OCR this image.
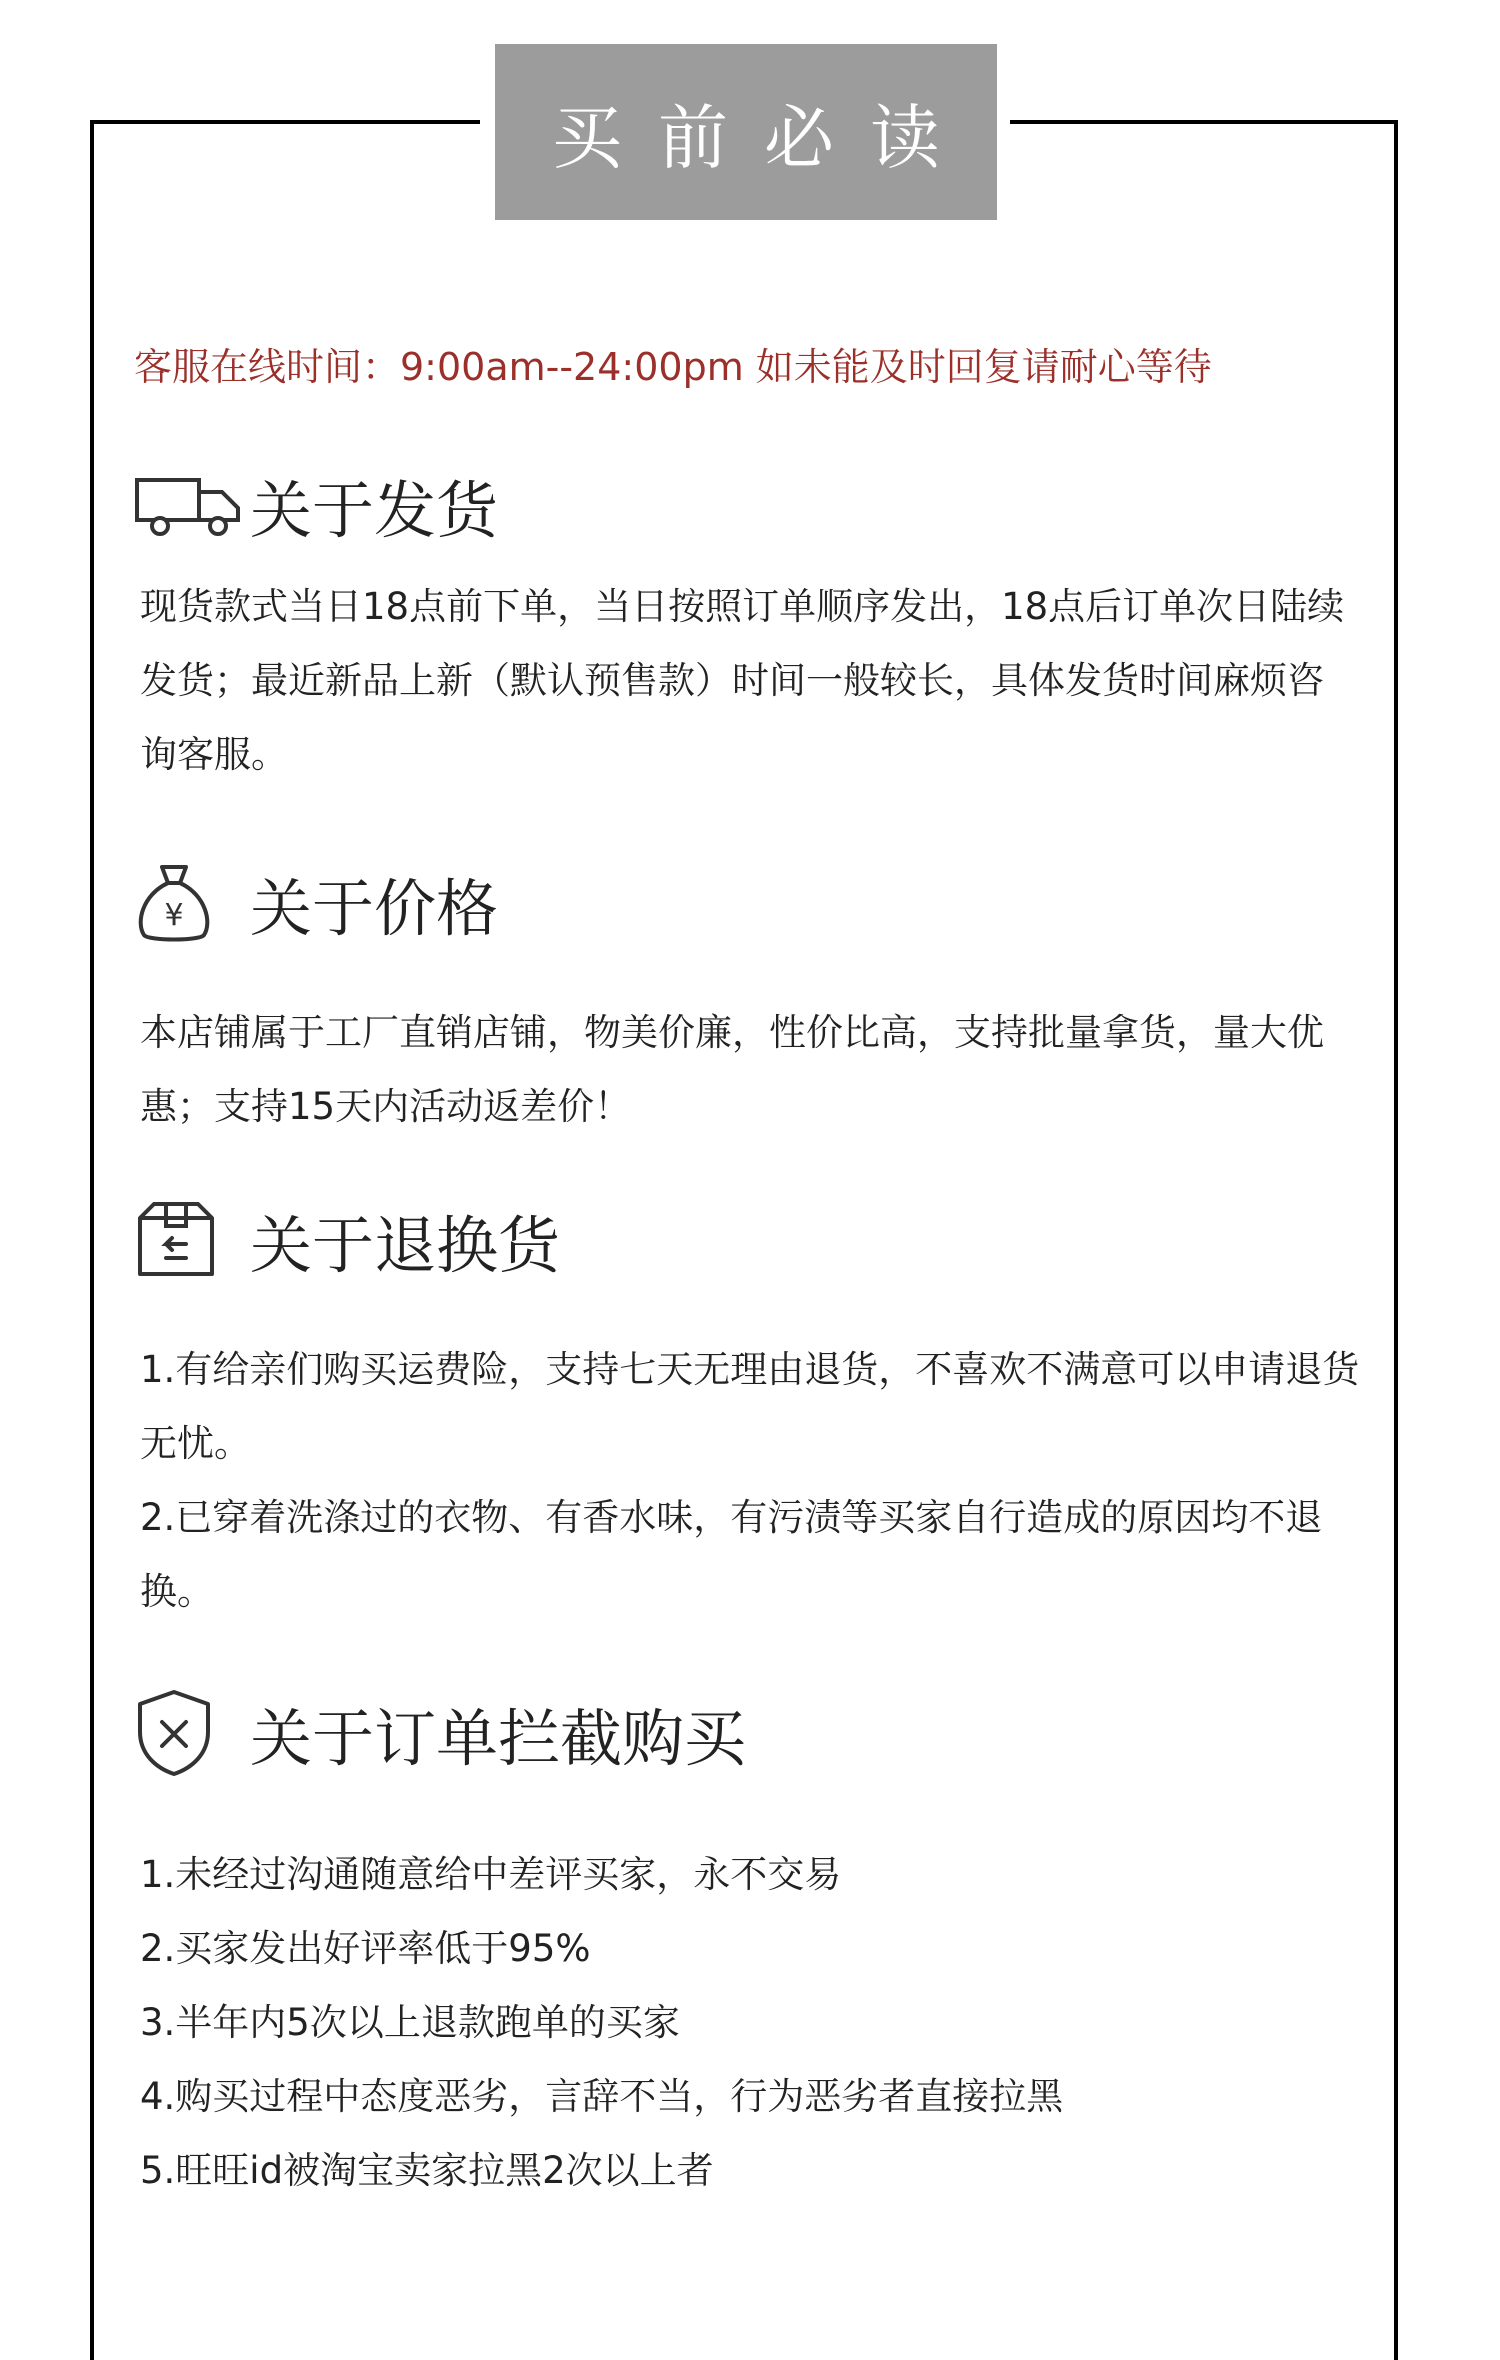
买前必读
客服在线时间：9:00am--24:00pm 如未能及时回复请耐心等待
关于发货

现货款式当日18点前下单，当日按照订单顺序发出，18点后订单次日陆续发货；最近新品上新（默认预售款）时间一般较长，具体发货时间麻烦咨询客服。

¥ 关于价格

本店铺属于工厂直销店铺，物美价廉，性价比高，支持批量拿货，量大优惠；支持15天内活动返差价！

关于退换货
1.有给亲们购买运费险，支持七天无理由退货，不喜欢不满意可以申请退货无忧。
2.已穿着洗涤过的衣物、有香水味，有污渍等买家自行造成的原因均不退换。
关于订单拦截购买
1.未经过沟通随意给中差评买家，永不交易
2.买家发出好评率低于95%
3.半年内5次以上退款跑单的买家
4.购买过程中态度恶劣，言辞不当，行为恶劣者直接拉黑
5.旺旺id被淘宝卖家拉黑2次以上者
